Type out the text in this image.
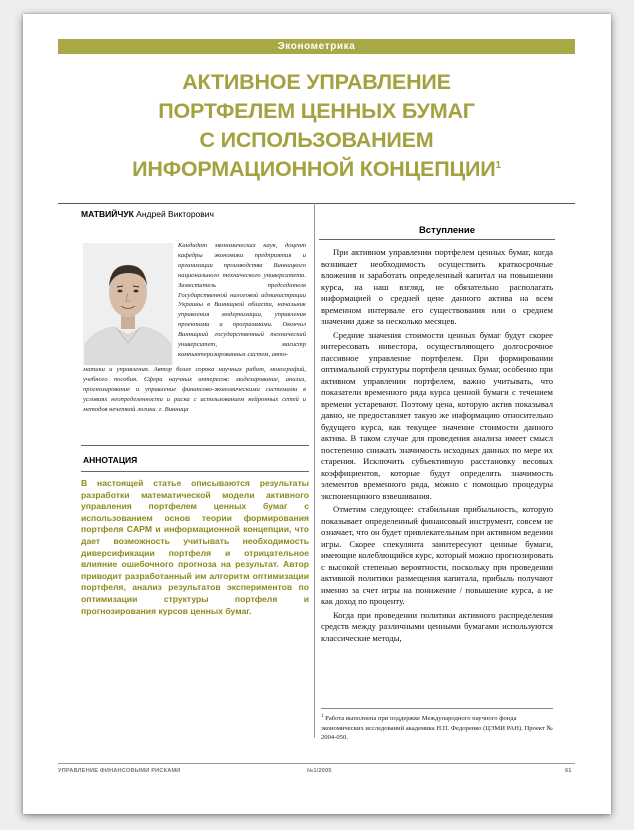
Эконометрика
АКТИВНОЕ УПРАВЛЕНИЕ
ПОРТФЕЛЕМ ЦЕННЫХ БУМАГ
С ИСПОЛЬЗОВАНИЕМ
ИНФОРМАЦИОННОЙ КОНЦЕПЦИИ$^1$
МАТВИЙЧУК Андрей Викторович
Кандидат экономических наук, доцент кафедры экономики предприятия и организации производства Винницкого национального технического университета. Заместитель председателя Государственной налоговой администрации Украины в Винницкой области, начальник управления модернизации, управления проектами и программами. Окончил Винницкий государственный технический университет, магистр компьютеризированных систем, авто-
матики и управления. Автор более сорока научных работ, монографий, учебного пособия. Сфера научных интересов: моделирование, анализ, прогнозирование и управление финансово-экономическими системами в условиях неопределенности и риска с использованием нейронных сетей и методов нечеткой логики. г. Винница
АННОТАЦИЯ
В настоящей статье описываются результаты разработки математической модели активного управления портфелем ценных бумаг с использованием основ теории формирования портфеля CAPM и информационной концепции, что дает возможность учитывать необходимость диверсификации портфеля и отрицательное влияние ошибочного прогноза на результат. Автор приводит разработанный им алгоритм оптимизации портфеля, анализ результатов экспериментов по оптимизации структуры портфеля и прогнозирования курсов ценных бумаг.
Вступление

При активном управлении портфелем ценных бумаг, когда возникает необходимость осуществить краткосрочные вложения и заработать определенный капитал на повышении курса, на наш взгляд, не обязательно располагать информацией о средней цене данного актива на всем временном интервале его существования или о среднем значении даже за несколько месяцев.

Средние значения стоимости ценных бумаг будут скорее интересовать инвестора, осуществляющего долгосрочное пассивное управление портфелем. При формировании оптимальной структуры портфеля ценных бумаг, особенно при активном управлении портфелем, важно учитывать, что показатели временного ряда курса ценной бумаги с течением времени устаревают. Поэтому цена, которую актив показывал давно, не предоставляет такую же информацию относительно будущего курса, как текущее значение стоимости данного актива. В таком случае для проведения анализа имеет смысл постепенно снижать значимость исходных данных по мере их старения. Исключить субъективную расстановку весовых коэффициентов, которые будут определять значимость элементов временного ряда, можно с помощью процедуры экспоненциного взвешивания.

Отметим следующее: стабильная прибыльность, которую показывает определенный финансовый инструмент, совсем не означает, что он будет привлекательным при активном ведении игры. Скорее спекулянта заинтересуют ценные бумаги, имеющие колеблющийся курс, который можно прогнозировать с высокой степенью вероятности, поскольку при проведении активной политики размещения капитала, прибыль получают именно за счет игры на понижение / повышение курса, а не как доход по проценту.

Когда при проведении политики активного распределения средств между различными ценными бумагами используются классические методы,

$^1$ Работа выполнена при поддержке Международного научного фонда экономических исследований академика Н.П. Федоренко (ЦЭМИ РАН). Проект № 2004-050.
УПРАВЛЕНИЕ ФИНАНСОВЫМИ РИСКАМИ	№1/2005	61
